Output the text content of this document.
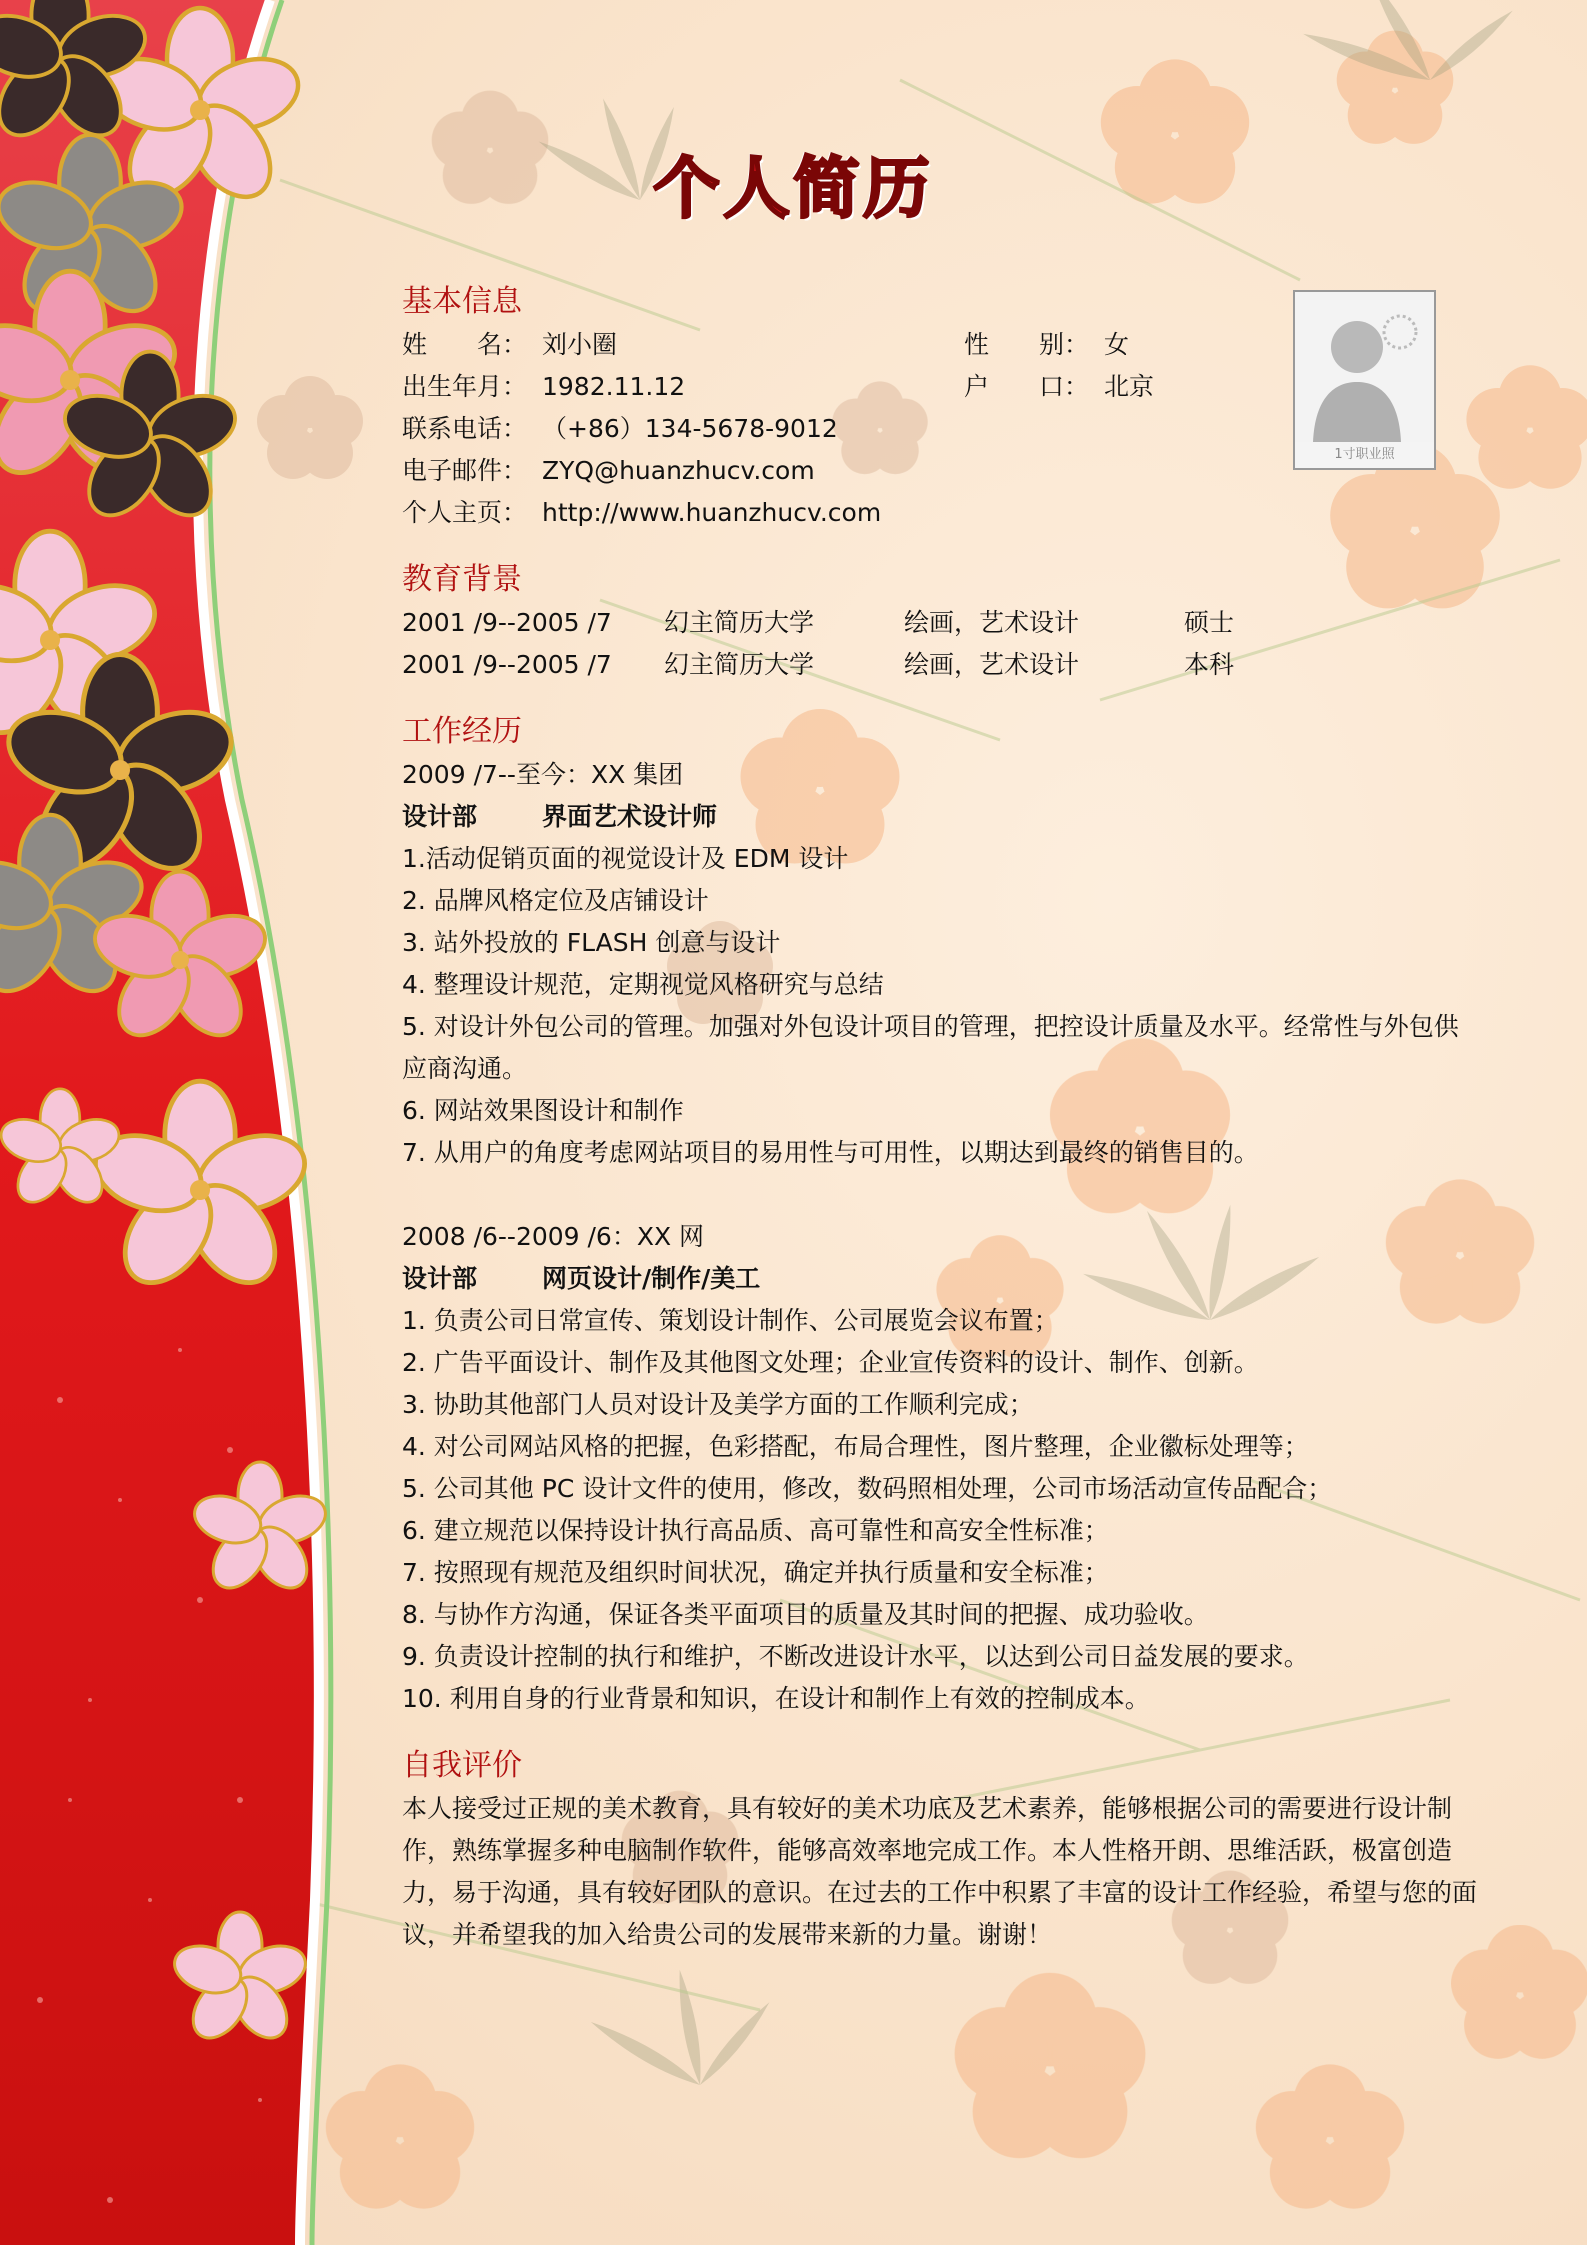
个人简历
1寸职业照
基本信息
姓　　名： 刘小圈	性　　别： 女
出生年月： 1982.11.12	户　　口： 北京
联系电话： （+86）134-5678-9012
电子邮件： ZYQ@huanzhucv.com
个人主页： http://www.huanzhucv.com
教育背景
2001 /9--2005 /7 幻主简历大学	绘画，艺术设计	硕士
2001 /9--2005 /7 幻主简历大学	绘画，艺术设计	本科
工作经历

2009 /7--至今：XX 集团

设计部	界面艺术设计师

1.活动促销页面的视觉设计及 EDM 设计

2. 品牌风格定位及店铺设计

3. 站外投放的 FLASH 创意与设计

4. 整理设计规范，定期视觉风格研究与总结

5. 对设计外包公司的管理。加强对外包设计项目的管理，把控设计质量及水平。经常性与外包供 应商沟通。

6. 网站效果图设计和制作

7. 从用户的角度考虑网站项目的易用性与可用性，以期达到最终的销售目的。

2008 /6--2009 /6：XX 网

设计部	网页设计/制作/美工

1. 负责公司日常宣传、策划设计制作、公司展览会议布置；

2. 广告平面设计、制作及其他图文处理；企业宣传资料的设计、制作、创新。

3. 协助其他部门人员对设计及美学方面的工作顺利完成；

4. 对公司网站风格的把握，色彩搭配，布局合理性，图片整理，企业徽标处理等；

5. 公司其他 PC 设计文件的使用，修改，数码照相处理，公司市场活动宣传品配合；

6. 建立规范以保持设计执行高品质、高可靠性和高安全性标准；

7. 按照现有规范及组织时间状况，确定并执行质量和安全标准；

8. 与协作方沟通，保证各类平面项目的质量及其时间的把握、成功验收。

9. 负责设计控制的执行和维护，不断改进设计水平，以达到公司日益发展的要求。

10. 利用自身的行业背景和知识，在设计和制作上有效的控制成本。

自我评价

本人接受过正规的美术教育，具有较好的美术功底及艺术素养，能够根据公司的需要进行设计制作，熟练掌握多种电脑制作软件，能够高效率地完成工作。本人性格开朗、思维活跃，极富创造力，易于沟通，具有较好团队的意识。在过去的工作中积累了丰富的设计工作经验，希望与您的面议，并希望我的加入给贵公司的发展带来新的力量。谢谢！
